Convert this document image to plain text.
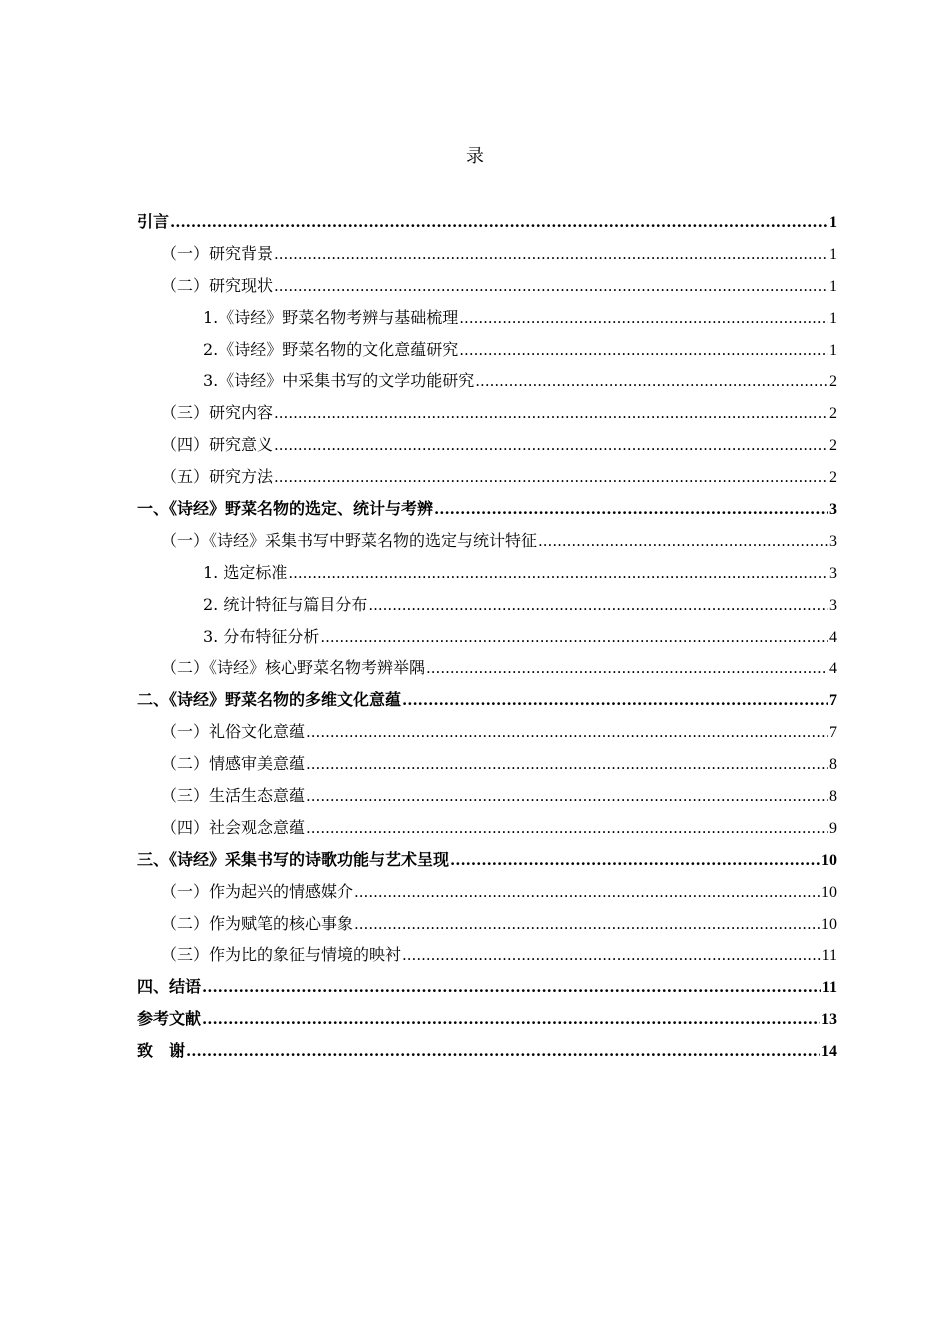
录
引言 .....	1
（一）研究背景 .....	1
（二）研究现状 .....	1
1.《诗经》野菜名物考辨与基础梳理 .....	1
2.《诗经》野菜名物的文化意蕴研究 .....	1
3.《诗经》中采集书写的文学功能研究 .....	2
（三）研究内容 .....	2
（四）研究意义 .....	2
（五）研究方法 .....	2
一、《诗经》野菜名物的选定、统计与考辨 .....	3
（一）《诗经》采集书写中野菜名物的选定与统计特征 .....	3
1. 选定标准 .....	3
2. 统计特征与篇目分布 .....	3
3. 分布特征分析 .....	4
（二）《诗经》核心野菜名物考辨举隅 .....	4
二、《诗经》野菜名物的多维文化意蕴 .....	7
（一）礼俗文化意蕴 .....	7
（二）情感审美意蕴 .....	8
（三）生活生态意蕴 .....	8
（四）社会观念意蕴 .....	9
三、《诗经》采集书写的诗歌功能与艺术呈现 .....	10
（一）作为起兴的情感媒介 .....	10
（二）作为赋笔的核心事象 .....	10
（三）作为比的象征与情境的映衬 .....	11
四、结语 .....	11
参考文献 .....	13
致　谢 .....	14
